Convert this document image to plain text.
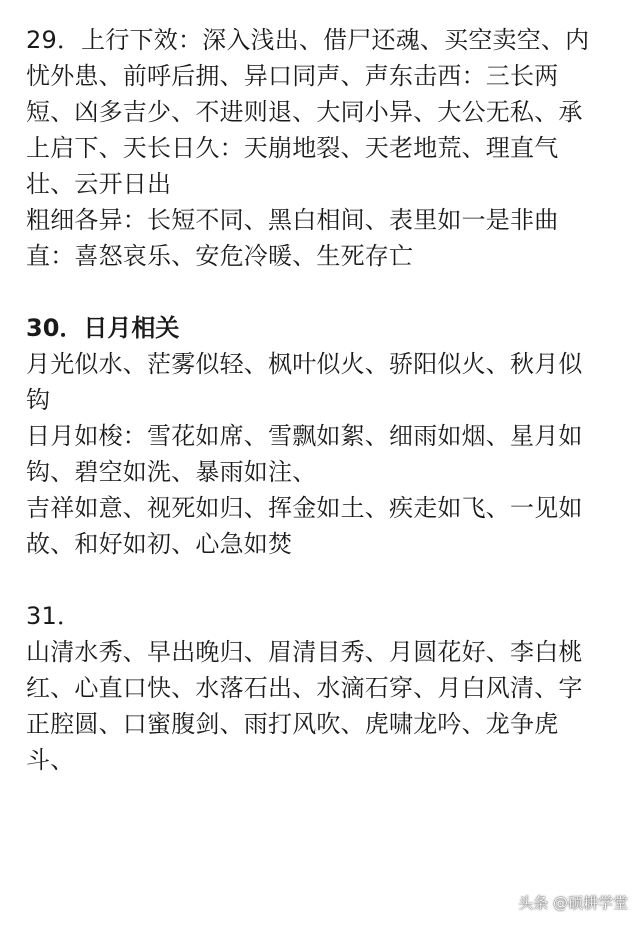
29．上行下效：深入浅出、借尸还魂、买空卖空、内
忧外患、前呼后拥、异口同声、声东击西：三长两
短、凶多吉少、不进则退、大同小异、大公无私、承
上启下、天长日久：天崩地裂、天老地荒、理直气
壮、云开日出
粗细各异：长短不同、黑白相间、表里如一是非曲
直：喜怒哀乐、安危冷暖、生死存亡
30．日月相关
月光似水、茫雾似轻、枫叶似火、骄阳似火、秋月似
钩
日月如梭：雪花如席、雪飘如絮、细雨如烟、星月如
钩、碧空如洗、暴雨如注、
吉祥如意、视死如归、挥金如土、疾走如飞、一见如
故、和好如初、心急如焚
31．
山清水秀、早出晚归、眉清目秀、月圆花好、李白桃
红、心直口快、水落石出、水滴石穿、月白风清、字
正腔圆、口蜜腹剑、雨打风吹、虎啸龙吟、龙争虎
斗、
头条 @硕耕学堂
